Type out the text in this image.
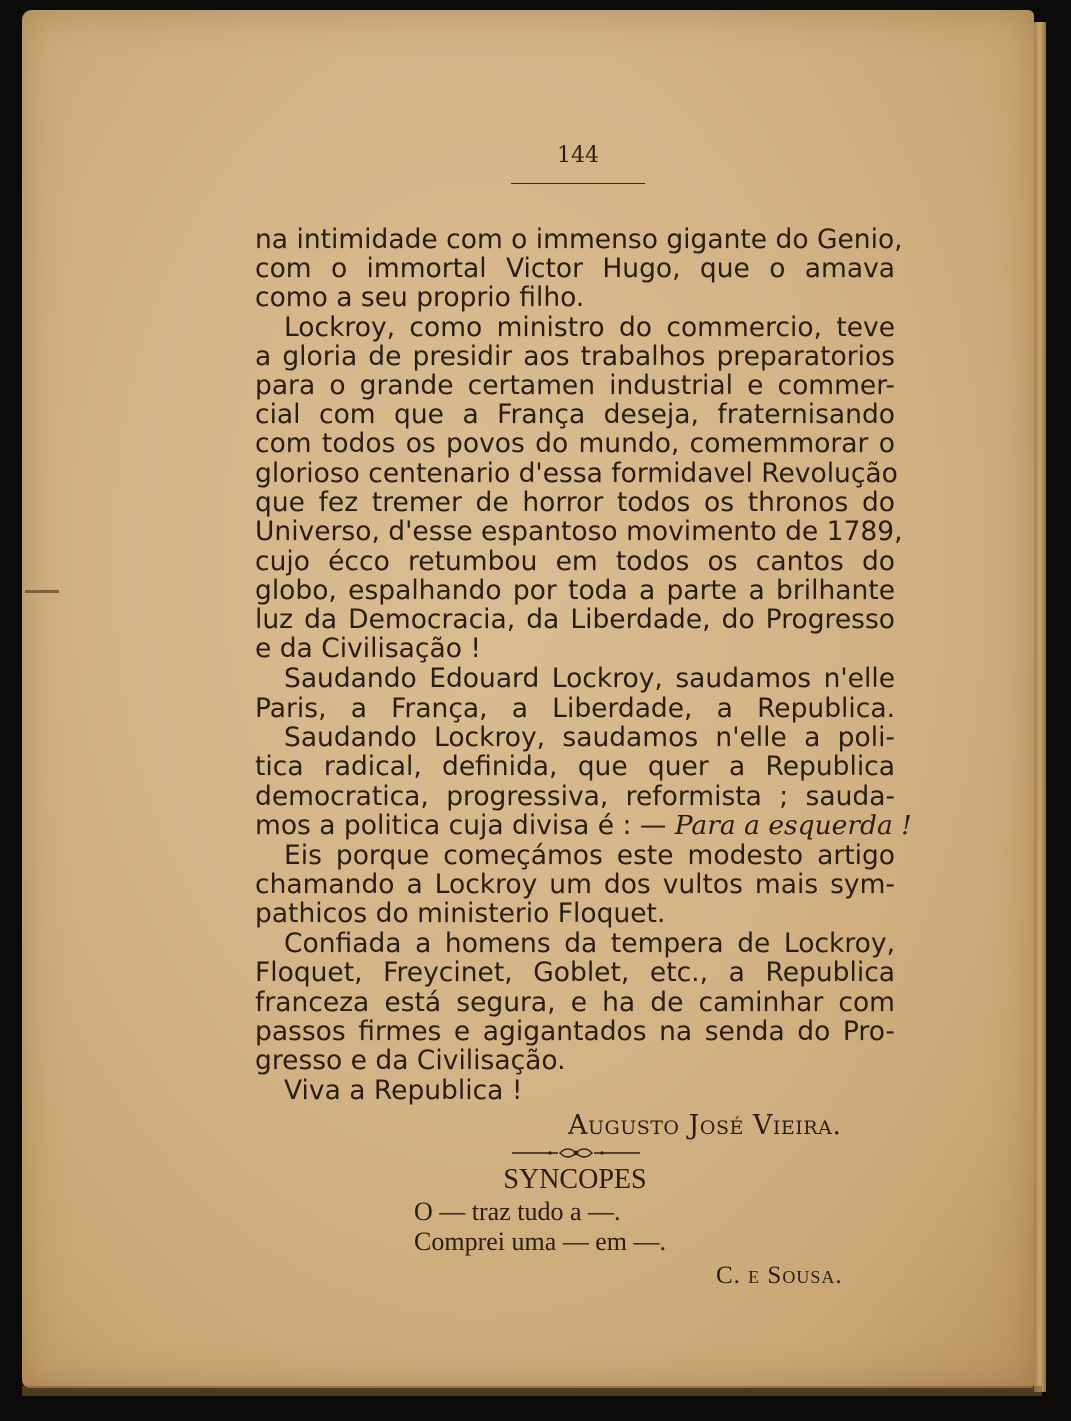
144

na intimidade com o immenso gigante do Genio,

com o immortal Victor Hugo, que o amava

como a seu proprio filho.

Lockroy, como ministro do commercio, teve

a gloria de presidir aos trabalhos preparatorios

para o grande certamen industrial e commer-

cial com que a França deseja, fraternisando

com todos os povos do mundo, comemmorar o

glorioso centenario d'essa formidavel Revolução

que fez tremer de horror todos os thronos do

Universo, d'esse espantoso movimento de 1789,

cujo écco retumbou em todos os cantos do

globo, espalhando por toda a parte a brilhante

luz da Democracia, da Liberdade, do Progresso

e da Civilisação !

Saudando Edouard Lockroy, saudamos n'elle

Paris, a França, a Liberdade, a Republica.

Saudando Lockroy, saudamos n'elle a poli-

tica radical, definida, que quer a Republica

democratica, progressiva, reformista ; sauda-

mos a politica cuja divisa é : — Para a esquerda !

Eis porque começámos este modesto artigo

chamando a Lockroy um dos vultos mais sym-

pathicos do ministerio Floquet.

Confiada a homens da tempera de Lockroy,

Floquet, Freycinet, Goblet, etc., a Republica

franceza está segura, e ha de caminhar com

passos firmes e agigantados na senda do Pro-

gresso e da Civilisação.

Viva a Republica !

Augusto José Vieira.
SYNCOPES
O — traz tudo a —.
Comprei uma — em —.
C. e Sousa.
